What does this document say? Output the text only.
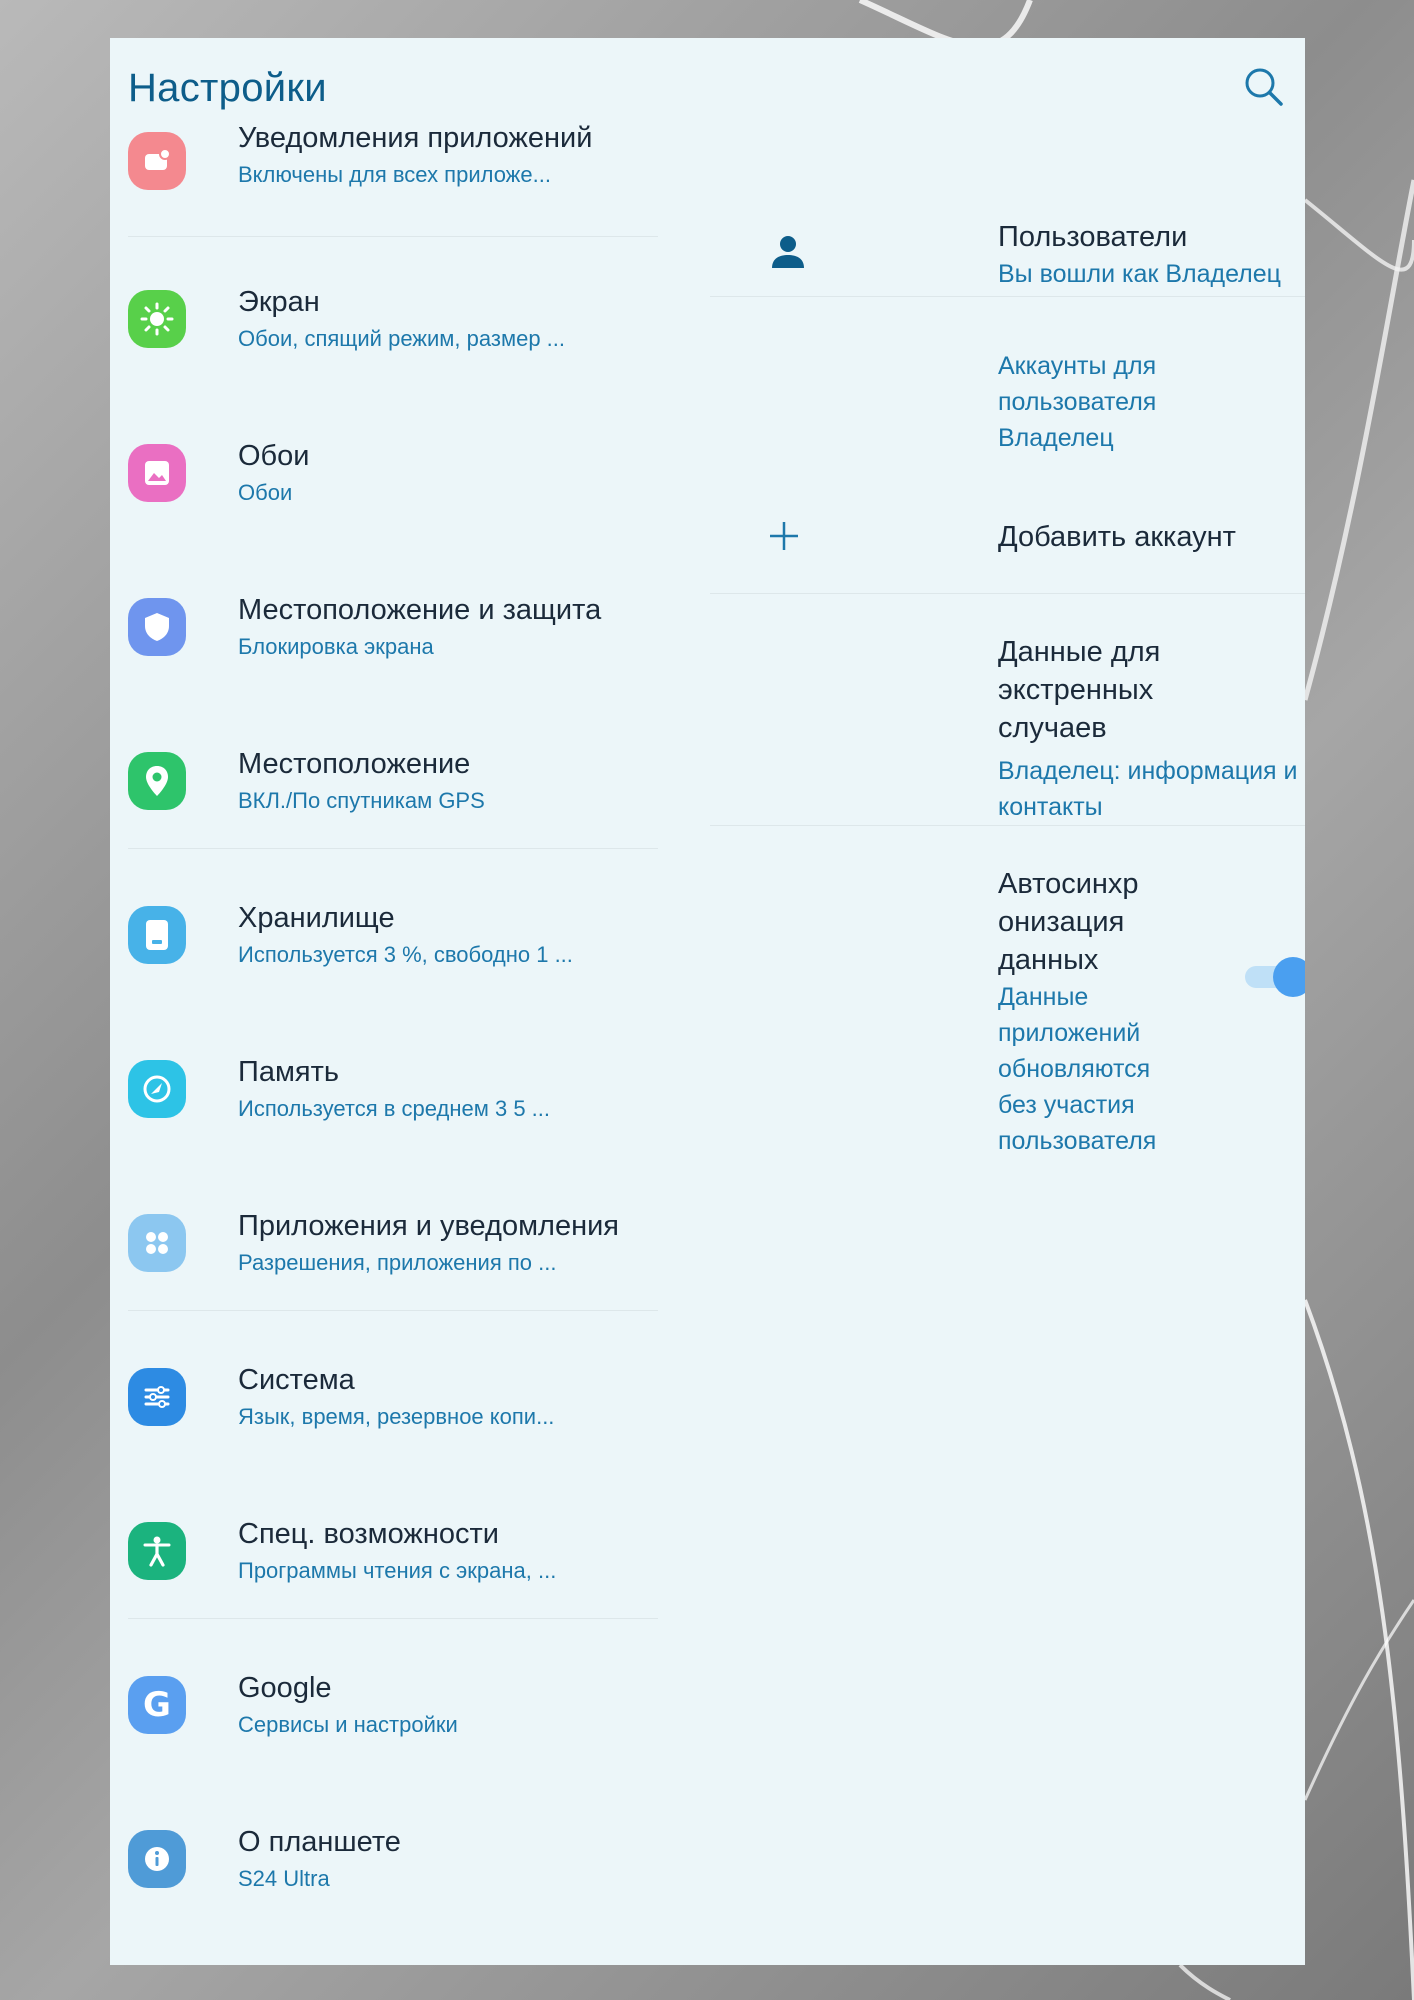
Настройки
Уведомления приложений
Включены для всех приложе...
Экран
Обои, спящий режим, размер ...
Обои
Обои
Местоположение и защита
Блокировка экрана
Местоположение
ВКЛ./По спутникам GPS
Хранилище
Используется 3 %, свободно 1 ...
Память
Используется в среднем 3 5 ...
Приложения и уведомления
Разрешения, приложения по ...
Система
Язык, время, резервное копи...
Спец. возможности
Программы чтения с экрана, ...
G Google
Сервисы и настройки
О планшете
S24 Ultra
Пользователи
Вы вошли как Владелец
Аккаунты для пользователя
Владелец
Добавить аккаунт
Данные для экстренных
случаев
Владелец: информация и
контакты
Автосинхр
онизация
данных
Данные
приложений
обновляются
без участия
пользователя
